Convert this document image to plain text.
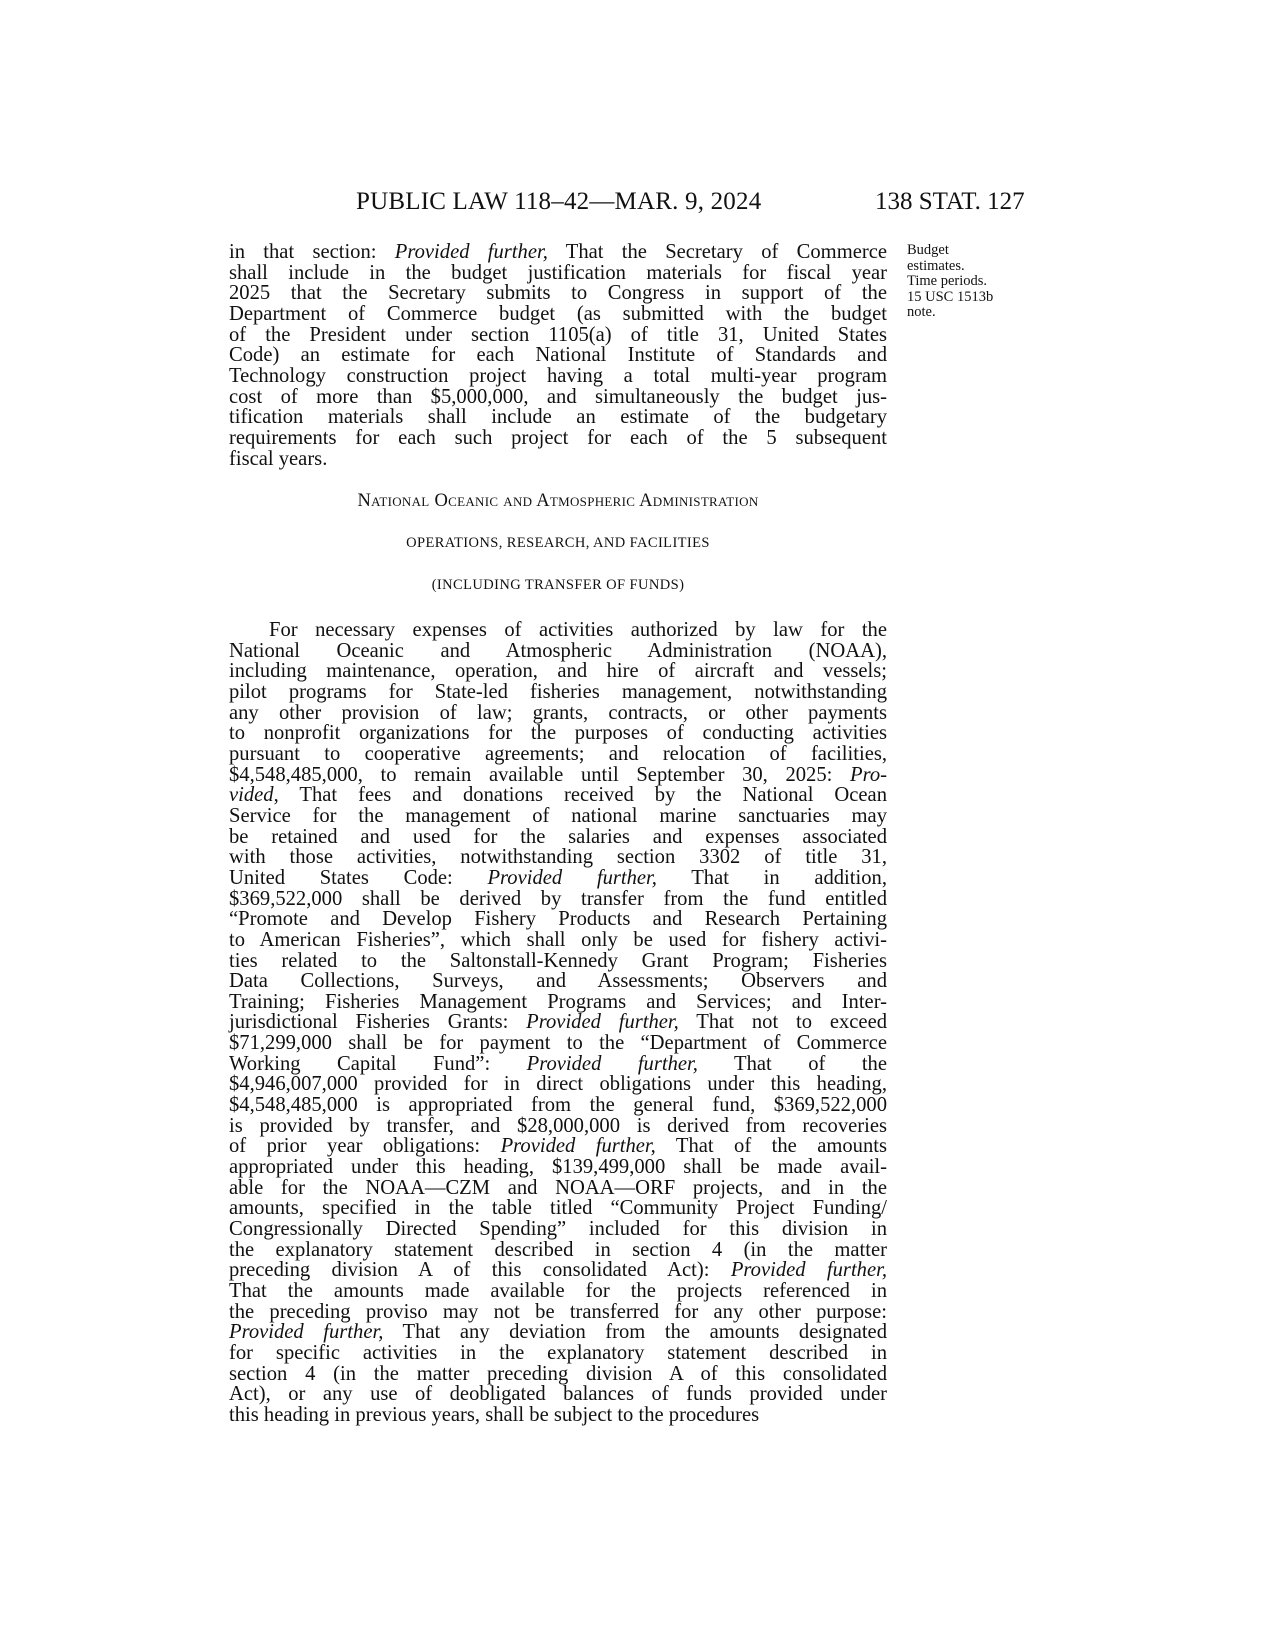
PUBLIC LAW 118–42—MAR. 9, 2024	138 STAT. 127
Budget
estimates.
Time periods.
15 USC 1513b
note.
in that section: Provided further, That the Secretary of Commerce
shall include in the budget justification materials for fiscal year
2025 that the Secretary submits to Congress in support of the
Department of Commerce budget (as submitted with the budget
of the President under section 1105(a) of title 31, United States
Code) an estimate for each National Institute of Standards and
Technology construction project having a total multi-year program
cost of more than $5,000,000, and simultaneously the budget jus-
tification materials shall include an estimate of the budgetary
requirements for each such project for each of the 5 subsequent
fiscal years.
National Oceanic and Atmospheric Administration
OPERATIONS, RESEARCH, AND FACILITIES
(INCLUDING TRANSFER OF FUNDS)
For necessary expenses of activities authorized by law for the
National Oceanic and Atmospheric Administration (NOAA),
including maintenance, operation, and hire of aircraft and vessels;
pilot programs for State-led fisheries management, notwithstanding
any other provision of law; grants, contracts, or other payments
to nonprofit organizations for the purposes of conducting activities
pursuant to cooperative agreements; and relocation of facilities,
$4,548,485,000, to remain available until September 30, 2025: Pro-
vided, That fees and donations received by the National Ocean
Service for the management of national marine sanctuaries may
be retained and used for the salaries and expenses associated
with those activities, notwithstanding section 3302 of title 31,
United States Code: Provided further, That in addition,
$369,522,000 shall be derived by transfer from the fund entitled
“Promote and Develop Fishery Products and Research Pertaining
to American Fisheries”, which shall only be used for fishery activi-
ties related to the Saltonstall-Kennedy Grant Program; Fisheries
Data Collections, Surveys, and Assessments; Observers and
Training; Fisheries Management Programs and Services; and Inter-
jurisdictional Fisheries Grants: Provided further, That not to exceed
$71,299,000 shall be for payment to the “Department of Commerce
Working Capital Fund”: Provided further, That of the
$4,946,007,000 provided for in direct obligations under this heading,
$4,548,485,000 is appropriated from the general fund, $369,522,000
is provided by transfer, and $28,000,000 is derived from recoveries
of prior year obligations: Provided further, That of the amounts
appropriated under this heading, $139,499,000 shall be made avail-
able for the NOAA—CZM and NOAA—ORF projects, and in the
amounts, specified in the table titled “Community Project Funding/
Congressionally Directed Spending” included for this division in
the explanatory statement described in section 4 (in the matter
preceding division A of this consolidated Act): Provided further,
That the amounts made available for the projects referenced in
the preceding proviso may not be transferred for any other purpose:
Provided further, That any deviation from the amounts designated
for specific activities in the explanatory statement described in
section 4 (in the matter preceding division A of this consolidated
Act), or any use of deobligated balances of funds provided under
this heading in previous years, shall be subject to the procedures
